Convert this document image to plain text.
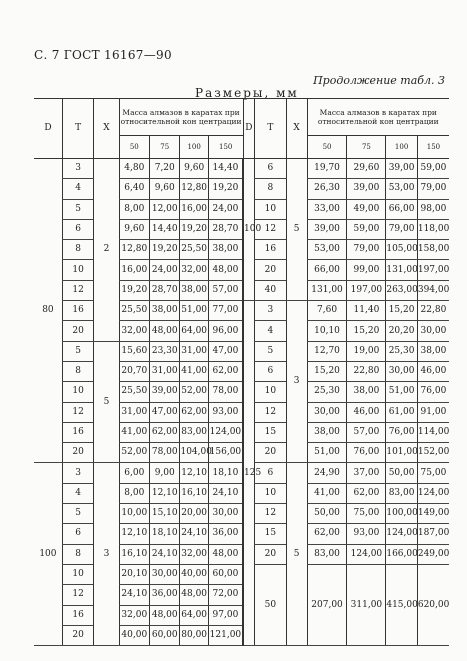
С. 7 ГОСТ 16167—90
Продолжение табл. 3
Размеры, мм
D	T	X	Масса алмазов в каратах при относительной кон центрации				D	T	X	Масса алмазов в каратах при относительной кон центрации			
			50	75	100	150				50	75	100	150
80	3	2	4,80	7,20	9,60	14,40	100	6	5	19,70	29,60	39,00	59,00
	4		6,40	9,60	12,80	19,20		8		26,30	39,00	53,00	79,00
	5		8,00	12,00	16,00	24,00		10		33,00	49,00	66,00	98,00
	6		9,60	14,40	19,20	28,70		12		39,00	59,00	79,00	118,00
	8		12,80	19,20	25,50	38,00		16		53,00	79,00	105,00	158,00
	10		16,00	24,00	32,00	48,00		20		66,00	99,00	131,00	197,00
	12		19,20	28,70	38,00	57,00		40		131,00	197,00	263,00	394,00
	16		25,50	38,00	51,00	77,00	125	3	3	7,60	11,40	15,20	22,80
	20		32,00	48,00	64,00	96,00		4		10,10	15,20	20,20	30,00
	5	5	15,60	23,30	31,00	47,00		5		12,70	19,00	25,30	38,00
	8		20,70	31,00	41,00	62,00		6		15,20	22,80	30,00	46,00
	10		25,50	39,00	52,00	78,00		10		25,30	38,00	51,00	76,00
	12		31,00	47,00	62,00	93,00		12		30,00	46,00	61,00	91,00
	16		41,00	62,00	83,00	124,00		15		38,00	57,00	76,00	114,00
	20		52,00	78,00	104,00	156,00		20		51,00	76,00	101,00	152,00
100	3	3	6,00	9,00	12,10	18,10		6	5	24,90	37,00	50,00	75,00
	4		8,00	12,10	16,10	24,10		10		41,00	62,00	83,00	124,00
	5		10,00	15,10	20,00	30,00		12		50,00	75,00	100,00	149,00
	6		12,10	18,10	24,10	36,00		15		62,00	93,00	124,00	187,00
	8		16,10	24,10	32,00	48,00		20		83,00	124,00	166,00	249,00
	10		20,10	30,00	40,00	60,00		50		207,00	311,00	415,00	620,00
	12		24,10	36,00	48,00	72,00							
	16		32,00	48,00	64,00	97,00							
	20		40,00	60,00	80,00	121,00							
